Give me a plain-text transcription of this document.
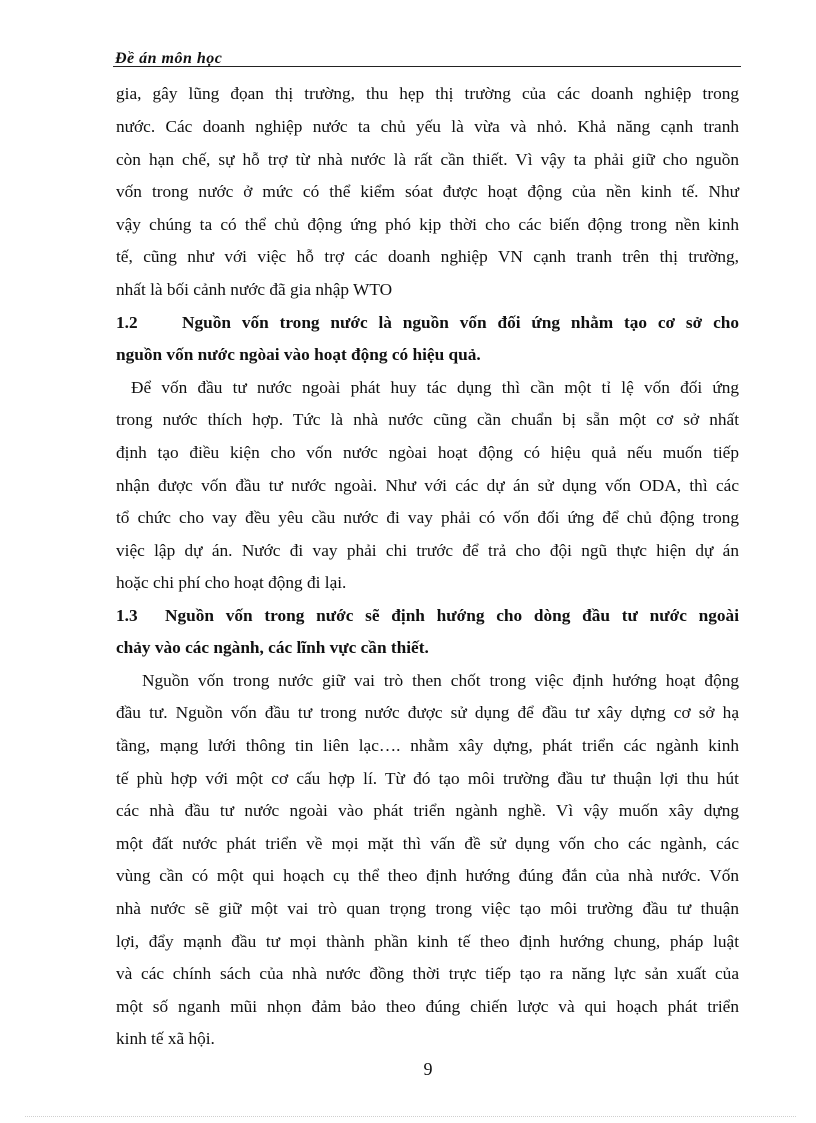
Đề án môn học
gia, gây lũng đọan thị trường, thu hẹp thị trường của các doanh nghiệp trong
nước. Các doanh nghiệp nước ta chủ yếu là vừa và nhỏ. Khả năng cạnh tranh
còn hạn chế, sự hỗ trợ từ nhà nước là rất cần thiết. Vì vậy ta phải giữ cho nguồn
vốn trong nước ở mức có thể kiểm sóat được hoạt động của nền kinh tế. Như
vậy chúng ta có thể chủ động ứng phó kịp thời cho các biến động trong nền kinh
tế, cũng như với việc hỗ trợ các doanh nghiệp VN cạnh tranh trên thị trường,
nhất là bối cảnh nước đã gia nhập WTO
1.2	Nguồn vốn trong nước là nguồn vốn đối ứng nhằm tạo cơ sở cho
nguồn vốn nước ngòai vào hoạt động có hiệu quả.
Để vốn đầu tư nước ngoài phát huy tác dụng thì cần một tỉ lệ vốn đối ứng
trong nước thích hợp. Tức là nhà nước cũng cần chuẩn bị sẵn một cơ sở nhất
định tạo điều kiện cho vốn nước ngòai hoạt động có hiệu quả nếu muốn tiếp
nhận được vốn đầu tư nước ngoài. Như với các dự án sử dụng vốn ODA, thì các
tổ chức cho vay đều yêu cầu nước đi vay phải có vốn đối ứng để chủ động trong
việc lập dự án. Nước đi vay phải chi trước để trả cho đội ngũ thực hiện dự án
hoặc chi phí cho hoạt động đi lại.
1.3 Nguồn vốn trong nước sẽ định hướng cho dòng đầu tư nước ngoài
chảy vào các ngành, các lĩnh vực cần thiết.
Nguồn vốn trong nước giữ vai trò then chốt trong việc định hướng hoạt động
đầu tư. Nguồn vốn đầu tư trong nước được sử dụng để đầu tư xây dựng cơ sở hạ
tầng, mạng lưới thông tin liên lạc…. nhằm xây dựng, phát triển các ngành kinh
tế phù hợp với một cơ cấu hợp lí. Từ đó tạo môi trường đầu tư thuận lợi thu hút
các nhà đầu tư nước ngoài vào phát triển ngành nghề. Vì vậy muốn xây dựng
một đất nước phát triển về mọi mặt thì vấn đề sử dụng vốn cho các ngành, các
vùng cần có một qui hoạch cụ thể theo định hướng đúng đắn của nhà nước. Vốn
nhà nước sẽ giữ một vai trò quan trọng trong việc tạo môi trường đầu tư thuận
lợi, đẩy mạnh đầu tư mọi thành phần kinh tế theo định hướng chung, pháp luật
và các chính sách của nhà nước đồng thời trực tiếp tạo ra năng lực sản xuất của
một số nganh mũi nhọn đảm bảo theo đúng chiến lược và qui hoạch phát triển
kinh tế xã hội.
9
